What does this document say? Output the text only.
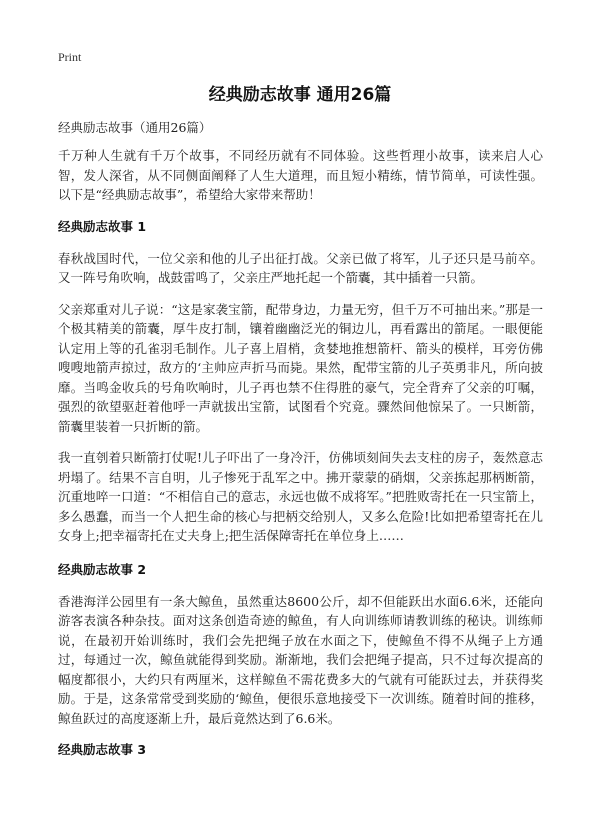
Print
经典励志故事 通用26篇

经典励志故事（通用26篇）

千万种人生就有千万个故事，不同经历就有不同体验。这些哲理小故事，读来启人心智，发人深省，从不同侧面阐释了人生大道理，而且短小精练，情节简单，可读性强。以下是“经典励志故事”，希望给大家带来帮助！

经典励志故事 1

春秋战国时代，一位父亲和他的儿子出征打战。父亲已做了将军，儿子还只是马前卒。又一阵号角吹响，战鼓雷鸣了，父亲庄严地托起一个箭囊，其中插着一只箭。

父亲郑重对儿子说：“这是家袭宝箭，配带身边，力量无穷，但千万不可抽出来。”那是一个极其精美的箭囊，厚牛皮打制，镶着幽幽泛光的铜边儿，再看露出的箭尾。一眼便能认定用上等的孔雀羽毛制作。儿子喜上眉梢，贪婪地推想箭杆、箭头的模样，耳旁仿佛嗖嗖地箭声掠过，敌方的‘主帅应声折马而毙。果然，配带宝箭的儿子英勇非凡，所向披靡。当鸣金收兵的号角吹响时，儿子再也禁不住得胜的豪气，完全背弃了父亲的叮嘱，强烈的欲望驱赶着他呼一声就拔出宝箭，试图看个究竟。骤然间他惊呆了。一只断箭，箭囊里装着一只折断的箭。

我一直刳着只断箭打仗呢!儿子吓出了一身冷汗，仿佛顷刻间失去支柱的房子，轰然意志坍塌了。结果不言自明，儿子惨死于乱军之中。拂开蒙蒙的硝烟，父亲拣起那柄断箭，沉重地啐一口道：“不相信自己的意志，永远也做不成将军。”把胜败寄托在一只宝箭上，多么愚蠢，而当一个人把生命的核心与把柄交给别人，又多么危险!比如把希望寄托在儿女身上;把幸福寄托在丈夫身上;把生活保障寄托在单位身上……

经典励志故事 2

香港海洋公园里有一条大鲸鱼，虽然重达8600公斤，却不但能跃出水面6.6米，还能向游客表演各种杂技。面对这条创造奇迹的鲸鱼，有人向训练师请教训练的秘诀。训练师说，在最初开始训练时，我们会先把绳子放在水面之下，使鲸鱼不得不从绳子上方通过，每通过一次，鲸鱼就能得到奖励。渐渐地，我们会把绳子提高，只不过每次提高的幅度都很小，大约只有两厘米，这样鲸鱼不需花费多大的气就有可能跃过去，并获得奖励。于是，这条常常受到奖励的‘鲸鱼，便很乐意地接受下一次训练。随着时间的推移，鲸鱼跃过的高度逐渐上升，最后竟然达到了6.6米。

经典励志故事 3
